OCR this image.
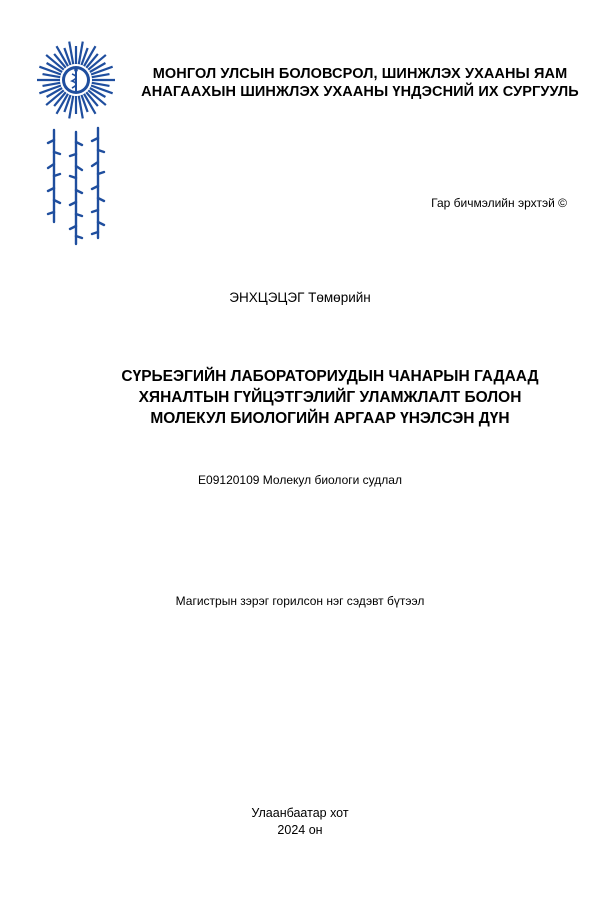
МОНГОЛ УЛСЫН БОЛОВСРОЛ, ШИНЖЛЭХ УХААНЫ ЯАМ
АНАГААХЫН ШИНЖЛЭХ УХААНЫ ҮНДЭСНИЙ ИХ СУРГУУЛЬ
Гар бичмэлийн эрхтэй ©
ЭНХЦЭЦЭГ Төмөрийн
СҮРЬЕЭГИЙН ЛАБОРАТОРИУДЫН ЧАНАРЫН ГАДААД
ХЯНАЛТЫН ГҮЙЦЭТГЭЛИЙГ УЛАМЖЛАЛТ БОЛОН
МОЛЕКУЛ БИОЛОГИЙН АРГААР ҮНЭЛСЭН ДҮН
E09120109 Молекул биологи судлал
Магистрын зэрэг горилсон нэг сэдэвт бүтээл
Улаанбаатар хот
2024 он
